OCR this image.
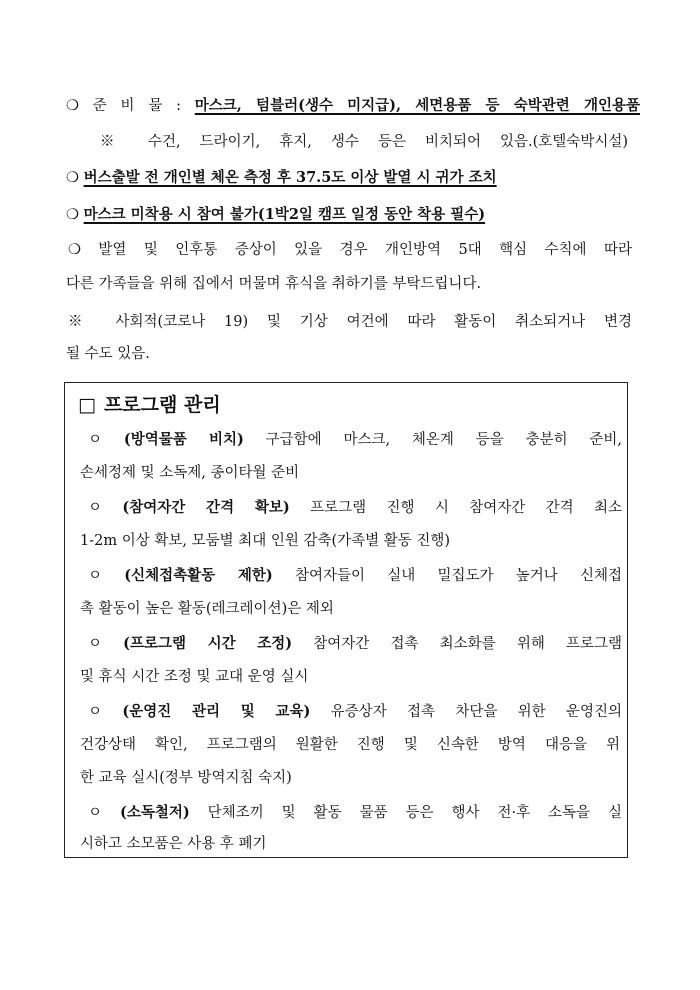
❍ 준 비 물 : 마스크, 텀블러(생수 미지급), 세면용품 등 숙박관련 개인용품
※ 수건, 드라이기, 휴지, 생수 등은 비치되어 있음.(호텔숙박시설)
❍ 버스출발 전 개인별 체온 측정 후 37.5도 이상 발열 시 귀가 조치
❍ 마스크 미착용 시 참여 불가(1박2일 캠프 일정 동안 착용 필수)
❍ 발열 및 인후통 증상이 있을 경우 개인방역 5대 핵심 수칙에 따라
다른 가족들을 위해 집에서 머물며 휴식을 취하기를 부탁드립니다.
※ 사회적(코로나 19) 및 기상 여건에 따라 활동이 취소되거나 변경
될 수도 있음.
□ 프로그램 관리
ㅇ (방역물품 비치) 구급함에 마스크, 체온계 등을 충분히 준비,
손세정제 및 소독제, 종이타월 준비
ㅇ (참여자간 간격 확보) 프로그램 진행 시 참여자간 간격 최소
1-2m 이상 확보, 모둠별 최대 인원 감축(가족별 활동 진행)
ㅇ (신체접촉활동 제한) 참여자들이 실내 밀집도가 높거나 신체접
촉 활동이 높은 활동(레크레이션)은 제외
ㅇ (프로그램 시간 조정) 참여자간 접촉 최소화를 위해 프로그램
및 휴식 시간 조정 및 교대 운영 실시
ㅇ (운영진 관리 및 교육) 유증상자 접촉 차단을 위한 운영진의
건강상태 확인, 프로그램의 원활한 진행 및 신속한 방역 대응을 위
한 교육 실시(정부 방역지침 숙지)
ㅇ (소독철저) 단체조끼 및 활동 물품 등은 행사 전·후 소독을 실
시하고 소모품은 사용 후 폐기
